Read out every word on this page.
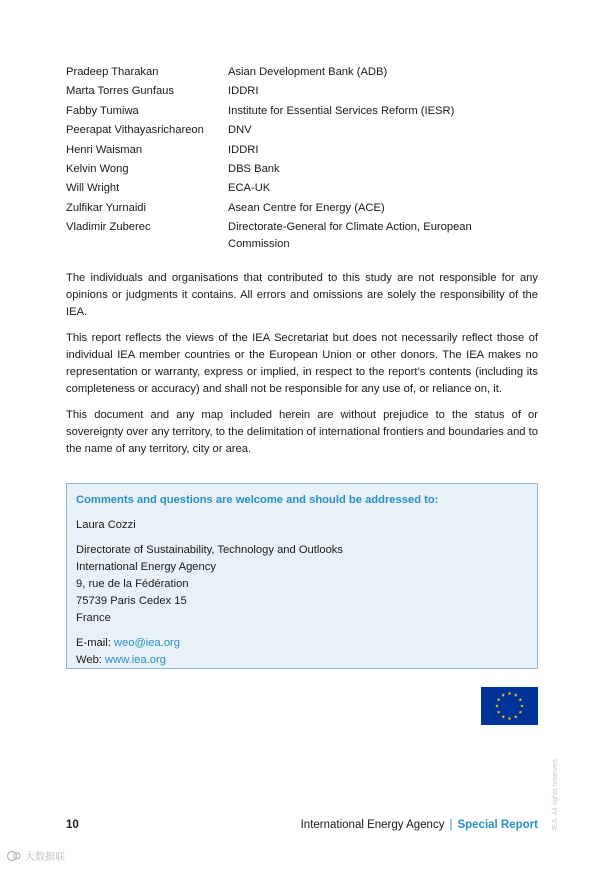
Pradeep Tharakan	Asian Development Bank (ADB)
Marta Torres Gunfaus	IDDRI
Fabby Tumiwa	Institute for Essential Services Reform (IESR)
Peerapat Vithayasrichareon	DNV
Henri Waisman	IDDRI
Kelvin Wong	DBS Bank
Will Wright	ECA-UK
Zulfikar Yurnaidi	Asean Centre for Energy (ACE)
Vladimir Zuberec	Directorate-General for Climate Action, European Commission

The individuals and organisations that contributed to this study are not responsible for any opinions or judgments it contains. All errors and omissions are solely the responsibility of the IEA.

This report reflects the views of the IEA Secretariat but does not necessarily reflect those of individual IEA member countries or the European Union or other donors. The IEA makes no representation or warranty, express or implied, in respect to the report’s contents (including its completeness or accuracy) and shall not be responsible for any use of, or reliance on, it.

This document and any map included herein are without prejudice to the status of or sovereignty over any territory, to the delimitation of international frontiers and boundaries and to the name of any territory, city or area.

Comments and questions are welcome and should be addressed to:
Laura Cozzi
Directorate of Sustainability, Technology and Outlooks
International Energy Agency
9, rue de la Fédération
75739 Paris Cedex 15
France
E-mail: weo@iea.org
Web: www.iea.org
IEA. All rights reserved.
10	International Energy Agency | Special Report
大数据联
